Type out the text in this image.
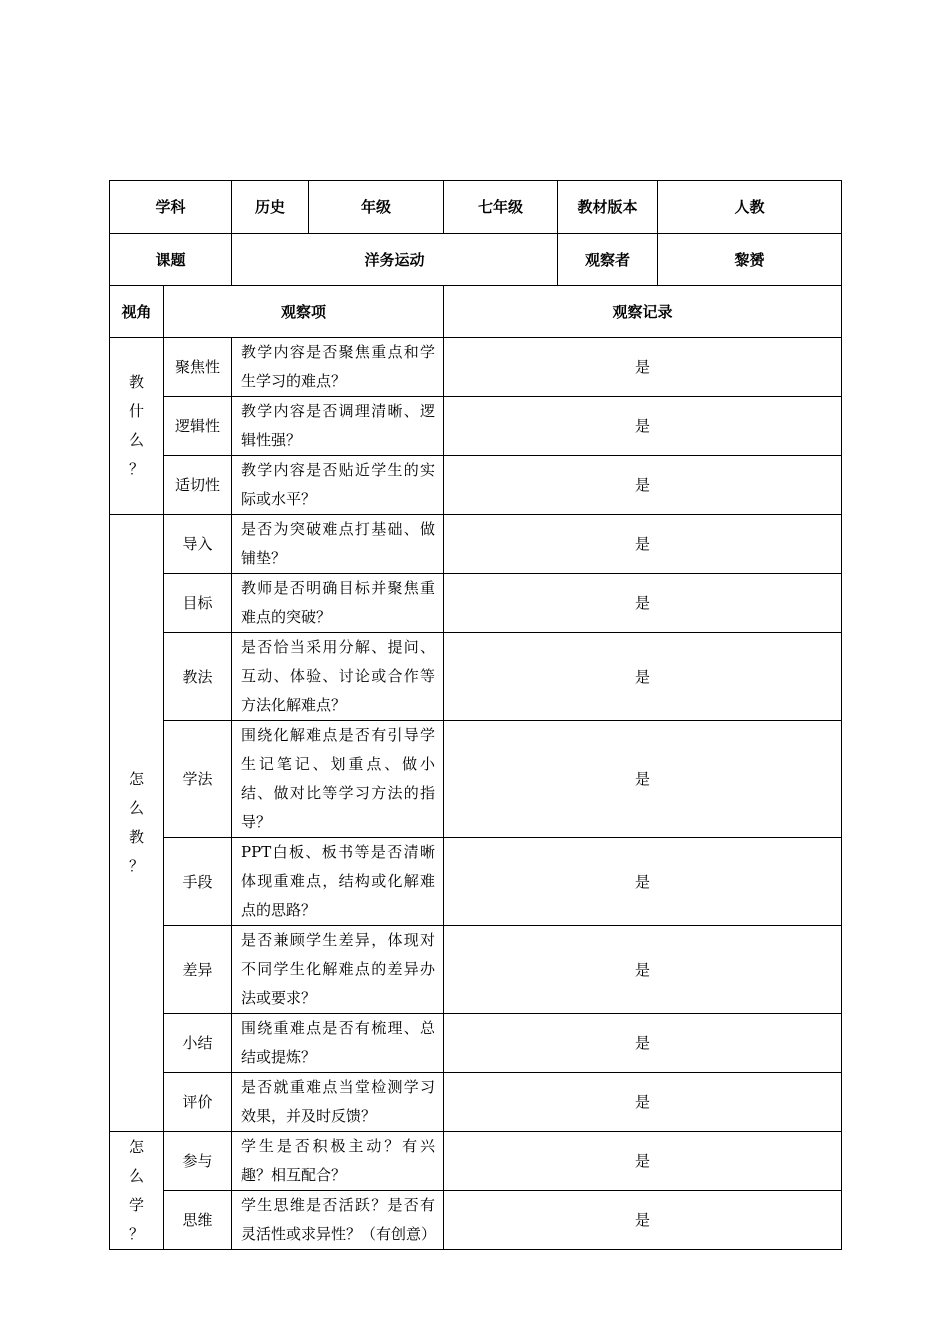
学科		历史	年级	七年级	教材版本	人教
课题		洋务运动			观察者	黎赟
视角	观察项			观察记录		

教
什
么
？	聚焦性	教学内容是否聚焦重点和学生学习的难点？		是		
	逻辑性	教学内容是否调理清晰、逻辑性强？		是		
	适切性	教学内容是否贴近学生的实际或水平？		是		

怎
么
教
？	导入	是否为突破难点打基础、做铺垫？		是		
	目标	教师是否明确目标并聚焦重难点的突破？		是		
	教法	是否恰当采用分解、提问、互动、体验、讨论或合作等方法化解难点？		是		
	学法	围绕化解难点是否有引导学生记笔记、划重点、做小结、做对比等学习方法的指导？		是		
	手段	PPT白板、板书等是否清晰体现重难点，结构或化解难点的思路？		是		
	差异	是否兼顾学生差异，体现对不同学生化解难点的差异办法或要求？		是		
	小结	围绕重难点是否有梳理、总结或提炼？		是		
	评价	是否就重难点当堂检测学习效果，并及时反馈？		是		

怎
么
学
？	参与	学生是否积极主动？有兴趣？相互配合？		是		
	思维	学生思维是否活跃？是否有灵活性或求异性？（有创意）		是		
